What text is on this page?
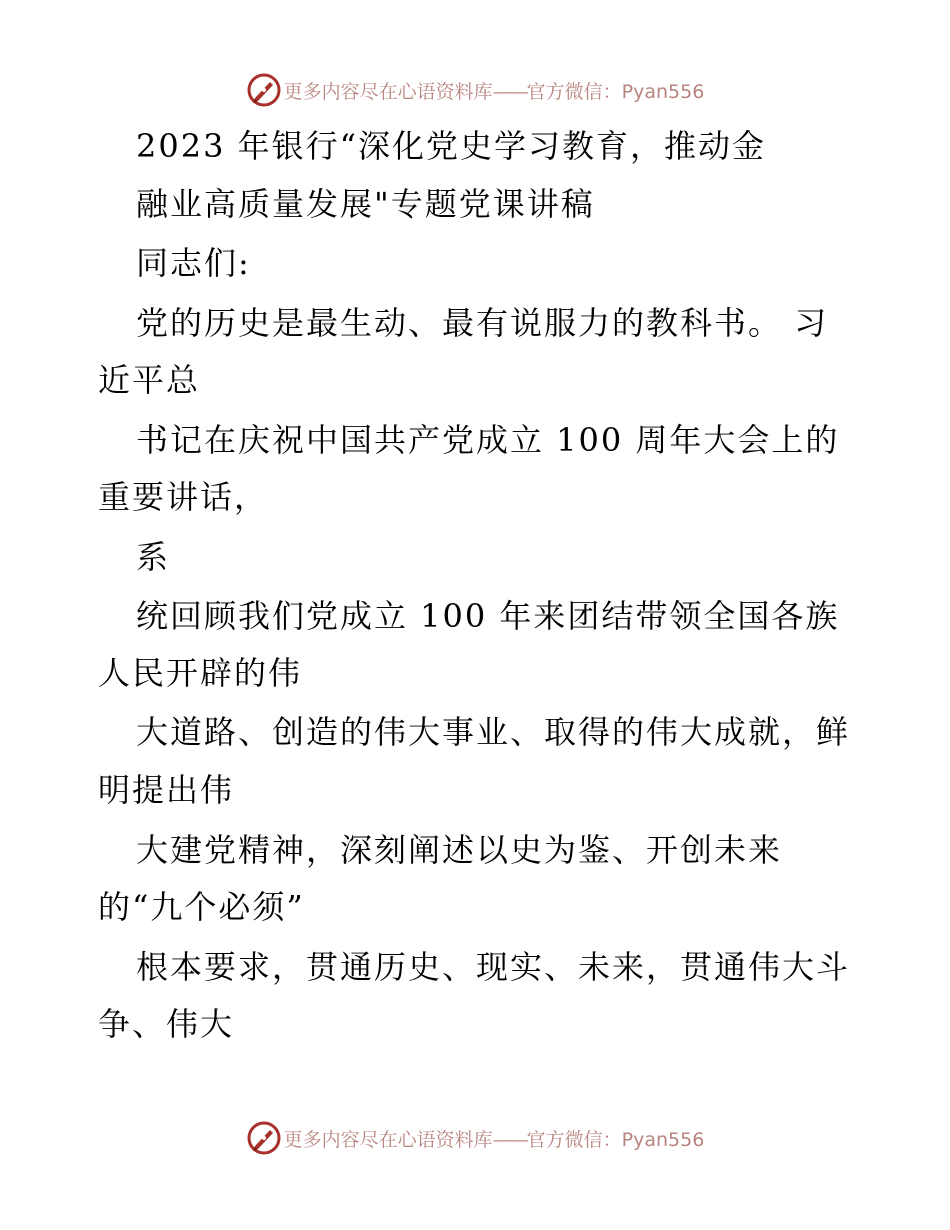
更多内容尽在心语资料库——官方微信：Pyan556

2023 年银行“深化党史学习教育，推动金

融业高质量发展"专题党课讲稿

同志们:

党的历史是最生动、最有说服力的教科书。 习

近平总

书记在庆祝中国共产党成立 100 周年大会上的

重要讲话，

系

统回顾我们党成立 100 年来团结带领全国各族

人民开辟的伟

大道路、创造的伟大事业、取得的伟大成就，鲜

明提出伟

大建党精神，深刻阐述以史为鉴、开创未来

的“九个必须”

根本要求，贯通历史、现实、未来，贯通伟大斗

争、伟大

更多内容尽在心语资料库——官方微信：Pyan556
